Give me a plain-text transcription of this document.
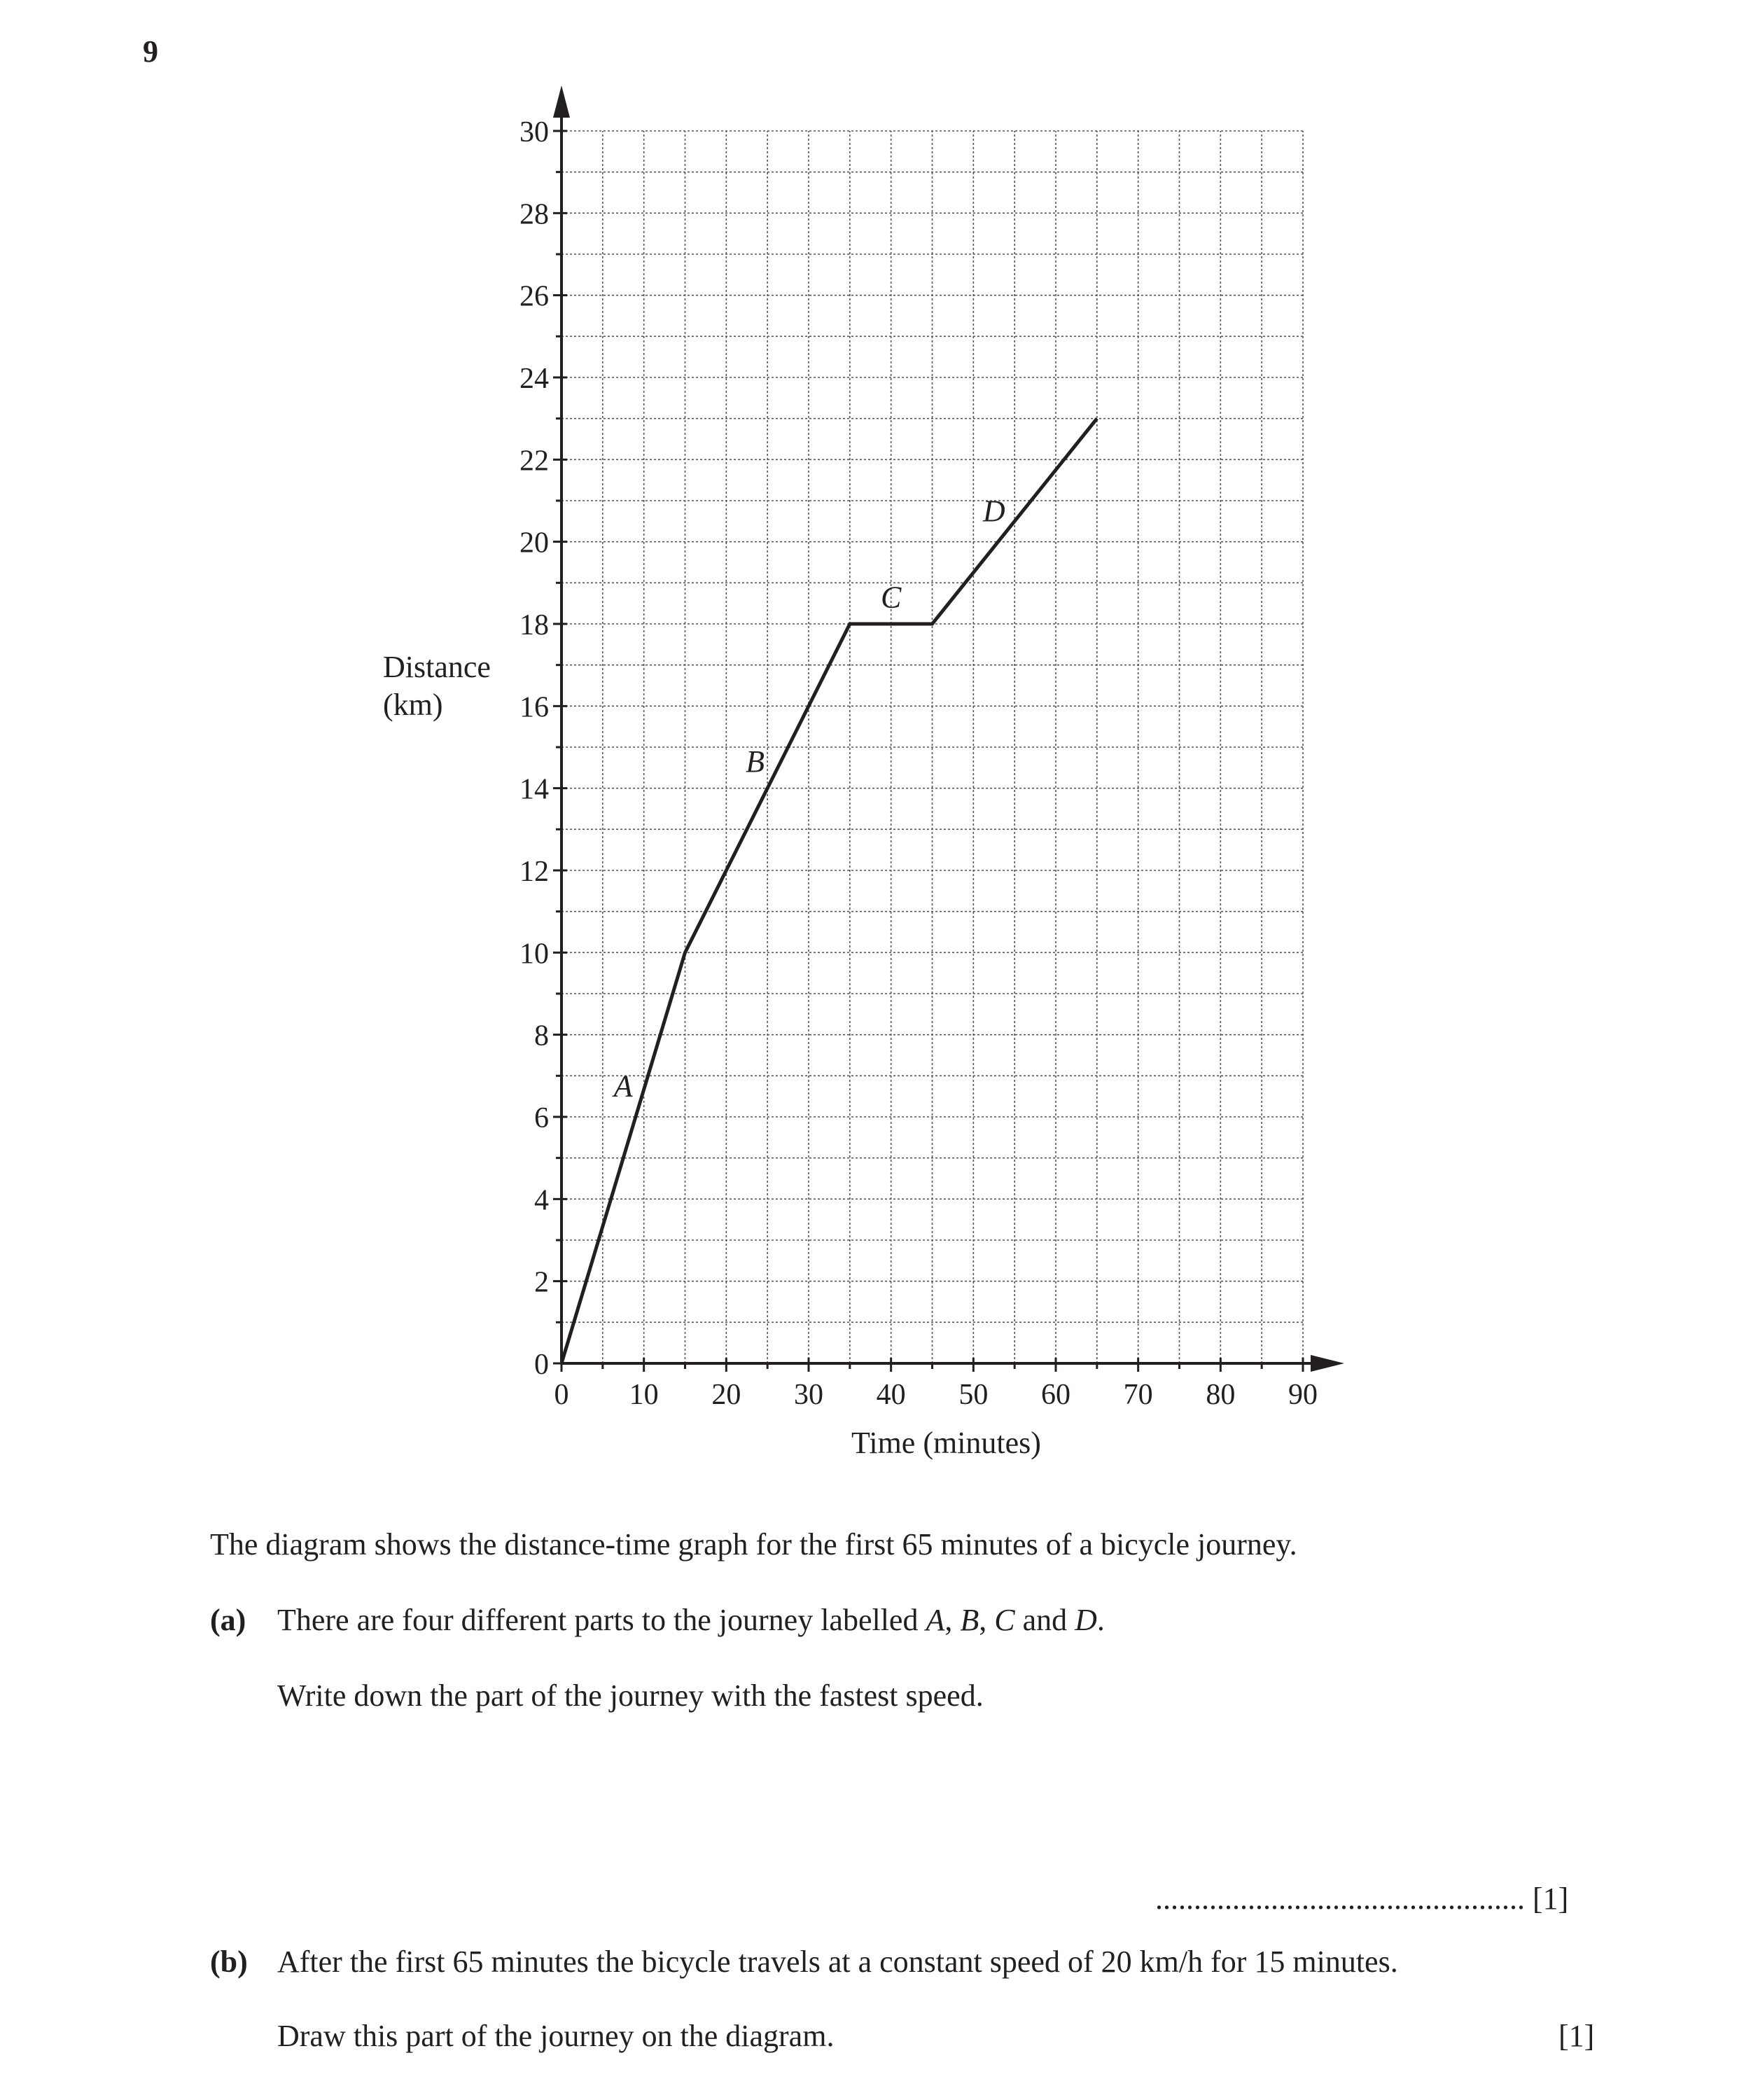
9
0
2
4
6
8
10
12
14
16
18
20
22
24
26
28
30
0 10 20 30 40 50 60 70 80 90
Time (minutes)
Distance
(km)
A
B
C
D
The diagram shows the distance-time graph for the first 65 minutes of a bicycle journey.
(a) There are four different parts to the journey labelled A, B, C and D.
Write down the part of the journey with the fastest speed.
................................................ [1]
(b) After the first 65 minutes the bicycle travels at a constant speed of 20 km/h for 15 minutes.
Draw this part of the journey on the diagram.	[1]
